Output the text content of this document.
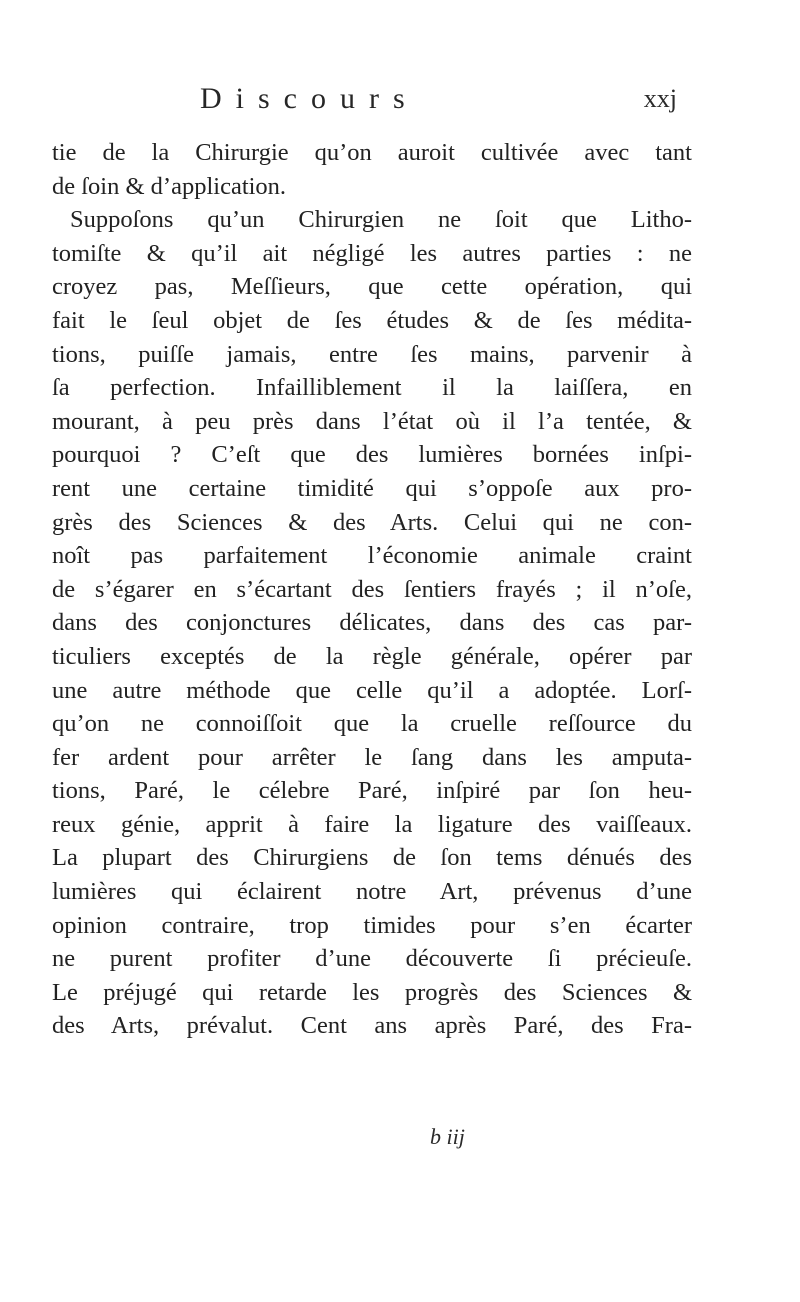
Discours	xxj
tie de la Chirurgie qu’on auroit cultivée avec tant
de ſoin & d’application.
Suppoſons qu’un Chirurgien ne ſoit que Litho-
tomiſte & qu’il ait négligé les autres parties : ne
croyez pas, Meſſieurs, que cette opération, qui
fait le ſeul objet de ſes études & de ſes médita-
tions, puiſſe jamais, entre ſes mains, parvenir à
ſa perfection. Infailliblement il la laiſſera, en
mourant, à peu près dans l’état où il l’a tentée, &
pourquoi ? C’eſt que des lumières bornées inſpi-
rent une certaine timidité qui s’oppoſe aux pro-
grès des Sciences & des Arts. Celui qui ne con-
noît pas parfaitement l’économie animale craint
de s’égarer en s’écartant des ſentiers frayés ; il n’oſe,
dans des conjonctures délicates, dans des cas par-
ticuliers exceptés de la règle générale, opérer par
une autre méthode que celle qu’il a adoptée. Lorſ-
qu’on ne connoiſſoit que la cruelle reſſource du
fer ardent pour arrêter le ſang dans les amputa-
tions, Paré, le célebre Paré, inſpiré par ſon heu-
reux génie, apprit à faire la ligature des vaiſſeaux.
La plupart des Chirurgiens de ſon tems dénués des
lumières qui éclairent notre Art, prévenus d’une
opinion contraire, trop timides pour s’en écarter
ne purent profiter d’une découverte ſi précieuſe.
Le préjugé qui retarde les progrès des Sciences &
des Arts, prévalut. Cent ans après Paré, des Fra-
b iij
